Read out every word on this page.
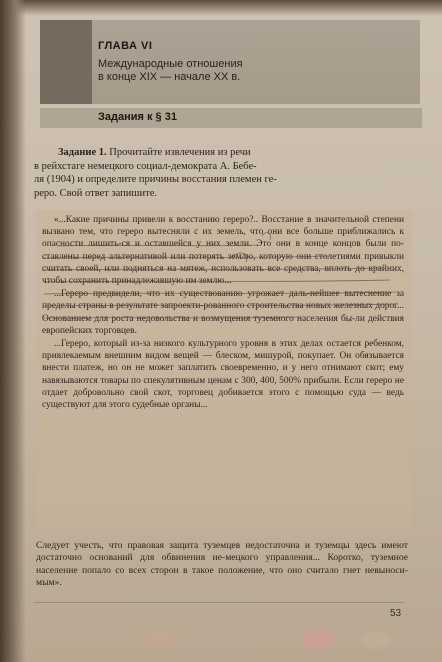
ГЛАВА VI
Международные отношения
в конце XIX — начале XX в.
Задания к § 31
Задание 1. Прочитайте извлечения из речи
в рейхстаге немецкого социал-демократа А. Бебе-
ля (1904) и определите причины восстания племен ге-
реро. Свой ответ запишите.

«...Какие причины привели к восстанию гереро?.. Восстание в значительной степени вызвано тем, что гереро вытесняли с их земель, что они все больше приближались к опасности лишить-ся и оставшейся у них земли. Это они в конце концов были по-ставлены перед альтернативой или потерять землю, которую они столетиями привыкли считать своей, или подняться на мятеж, использовать все средства, вплоть до крайних, чтобы сохранить принадлежавшую им землю...

...Гереро предвидели, что их существованию угрожает даль-нейшее вытеснение за пределы страны в результате запроекти-рованного строительства новых железных дорог... Основанием для роста недовольства и возмущения туземного населения бы-ли действия европейских торговцев.

...Гереро, который из-за низкого культурного уровня в этих делах остается ребенком, привлекаемым внешним видом вещей — блеском, мишурой, покупает. Он обязывается внести платеж, но он не может заплатить своевременно, и у него отнимают скот; ему навязываются товары по спекулятивным ценам с 300, 400, 500% прибыли. Если гереро не отдает добровольно свой скот, торговец добивается этого с помощью суда — ведь существуют для этого судебные органы...

Следует учесть, что правовая защита туземцев недостаточна и туземцы здесь имеют достаточно оснований для обвинения не-мецкого управления... Коротко, туземное население попало со всех сторон в такое положение, что оно считало гнет невыноси-мым».
53
